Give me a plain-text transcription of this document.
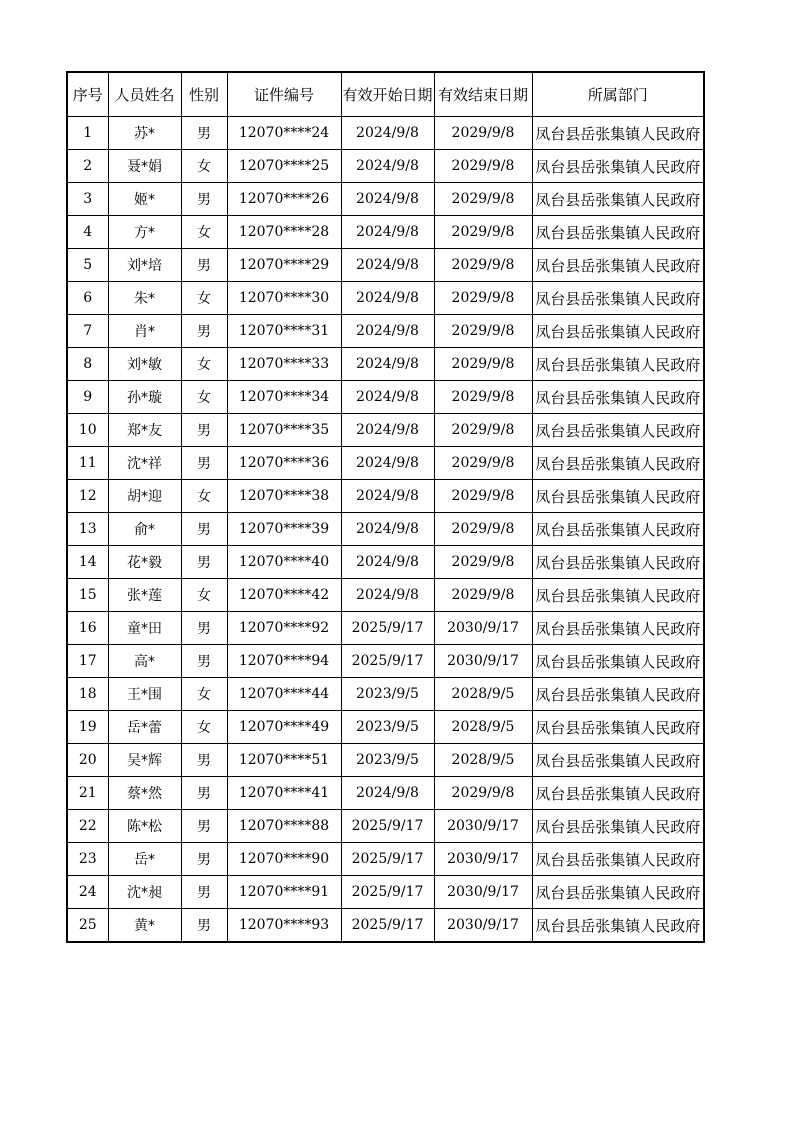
序号	人员姓名	性别	证件编号	有效开始日期	有效结束日期	所属部门
1	苏*	男	12070****24	2024/9/8	2029/9/8	凤台县岳张集镇人民政府
2	聂*娟	女	12070****25	2024/9/8	2029/9/8	凤台县岳张集镇人民政府
3	姬*	男	12070****26	2024/9/8	2029/9/8	凤台县岳张集镇人民政府
4	方*	女	12070****28	2024/9/8	2029/9/8	凤台县岳张集镇人民政府
5	刘*培	男	12070****29	2024/9/8	2029/9/8	凤台县岳张集镇人民政府
6	朱*	女	12070****30	2024/9/8	2029/9/8	凤台县岳张集镇人民政府
7	肖*	男	12070****31	2024/9/8	2029/9/8	凤台县岳张集镇人民政府
8	刘*敏	女	12070****33	2024/9/8	2029/9/8	凤台县岳张集镇人民政府
9	孙*璇	女	12070****34	2024/9/8	2029/9/8	凤台县岳张集镇人民政府
10	郑*友	男	12070****35	2024/9/8	2029/9/8	凤台县岳张集镇人民政府
11	沈*祥	男	12070****36	2024/9/8	2029/9/8	凤台县岳张集镇人民政府
12	胡*迎	女	12070****38	2024/9/8	2029/9/8	凤台县岳张集镇人民政府
13	俞*	男	12070****39	2024/9/8	2029/9/8	凤台县岳张集镇人民政府
14	花*毅	男	12070****40	2024/9/8	2029/9/8	凤台县岳张集镇人民政府
15	张*莲	女	12070****42	2024/9/8	2029/9/8	凤台县岳张集镇人民政府
16	童*田	男	12070****92	2025/9/17	2030/9/17	凤台县岳张集镇人民政府
17	高*	男	12070****94	2025/9/17	2030/9/17	凤台县岳张集镇人民政府
18	王*围	女	12070****44	2023/9/5	2028/9/5	凤台县岳张集镇人民政府
19	岳*蕾	女	12070****49	2023/9/5	2028/9/5	凤台县岳张集镇人民政府
20	吴*辉	男	12070****51	2023/9/5	2028/9/5	凤台县岳张集镇人民政府
21	蔡*然	男	12070****41	2024/9/8	2029/9/8	凤台县岳张集镇人民政府
22	陈*松	男	12070****88	2025/9/17	2030/9/17	凤台县岳张集镇人民政府
23	岳*	男	12070****90	2025/9/17	2030/9/17	凤台县岳张集镇人民政府
24	沈*昶	男	12070****91	2025/9/17	2030/9/17	凤台县岳张集镇人民政府
25	黄*	男	12070****93	2025/9/17	2030/9/17	凤台县岳张集镇人民政府
